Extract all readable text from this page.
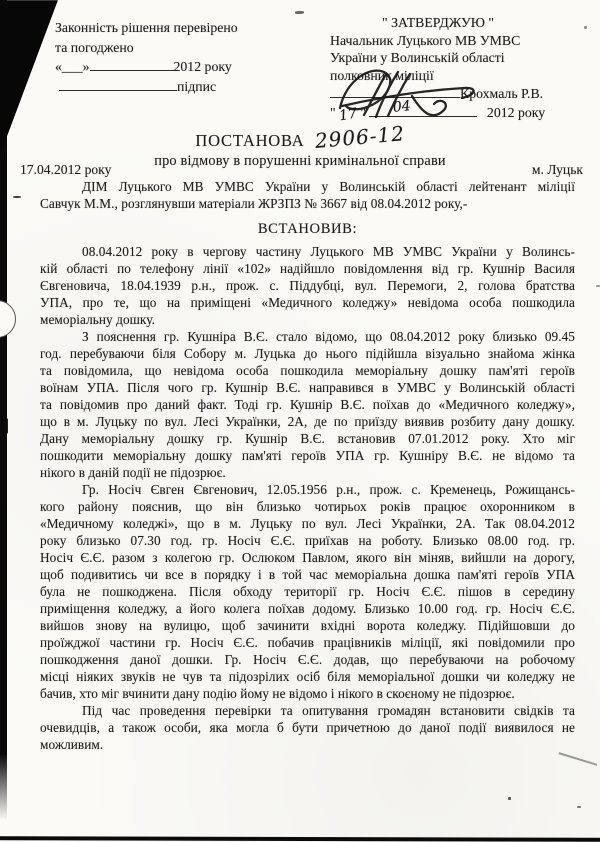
Законність рішення перевірено
та погоджено
«___»	2012 року
підпис
" ЗАТВЕРДЖУЮ "
Начальник Луцького МВ УМВС
України у Волинській області
полковник міліції
Крохмаль Р.В.
" 17 " 04	2012 року
ПОСТАНОВА 2906-12
про відмову в порушенні кримінальної справи
17.04.2012 року	м. Луцьк
ДІМ Луцького МВ УМВС України у Волинській області лейтенант міліції
Савчук М.М., розглянувши матеріали ЖРЗПЗ № 3667 від 08.04.2012 року,-
ВСТАНОВИВ:
08.04.2012 року в чергову частину Луцького МВ УМВС України у Волинсь-
кій області по телефону лінії «102» надійшло повідомлення від гр. Кушнір Василя
Євгеновича, 18.04.1939 р.н., прож. с. Піддубці, вул. Перемоги, 2, голова братства
УПА, про те, що на приміщені «Медичного коледжу» невідома особа пошкодила
меморіальну дошку.
З пояснення гр. Кушніра В.Є. стало відомо, що 08.04.2012 року близько 09.45
год. перебуваючи біля Собору м. Луцька до нього підійшла візуально знайома жінка
та повідомила, що невідома особа пошкодила меморіальну дошку пам'яті героїв
воїнам УПА. Після чого гр. Кушнір В.Є. направився в УМВС у Волинській області
та повідомив про даний факт. Тоді гр. Кушнір В.Є. поїхав до «Медичного коледжу»,
що в м. Луцьку по вул. Лесі Українки, 2А, де по приїзду виявив розбиту дану дошку.
Дану меморіальну дошку гр. Кушнір В.Є. встановив 07.01.2012 року. Хто міг
пошкодити меморіальну дошку пам'яті героїв УПА гр. Кушніру В.Є. не відомо та
нікого в даній події не підозрює.
Гр. Носіч Євген Євгенович, 12.05.1956 р.н., прож. с. Кременець, Рожищансь-
кого району пояснив, що він близько чотирьох років працює охоронником в
«Медичному коледжі», що в м. Луцьку по вул. Лесі Українки, 2А. Так 08.04.2012
року близько 07.30 год. гр. Носіч Є.Є. приїхав на роботу. Близько 08.00 год. гр.
Носіч Є.Є. разом з колегою гр. Ослюком Павлом, якого він міняв, вийшли на дорогу,
щоб подивитись чи все в порядку і в той час меморіальна дошка пам'яті героїв УПА
була не пошкоджена. Після обходу території гр. Носіч Є.Є. пішов в середину
приміщення коледжу, а його колега поїхав додому. Близько 10.00 год. гр. Носіч Є.Є.
вийшов знову на вулицю, щоб зачинити вхідні ворота коледжу. Підійшовши до
проїжджої частини гр. Носіч Є.Є. побачив працівників міліції, які повідомили про
пошкодження даної дошки. Гр. Носіч Є.Є. додав, що перебуваючи на робочому
місці ніяких звуків не чув та підозрілих осіб біля меморіальної дошки чи коледжу не
бачив, хто міг вчинити дану подію йому не відомо і нікого в скоєному не підозрює.
Під час проведення перевірки та опитування громадян встановити свідків та
очевидців, а також особи, яка могла б бути причетною до даної події виявилося не
можливим.
